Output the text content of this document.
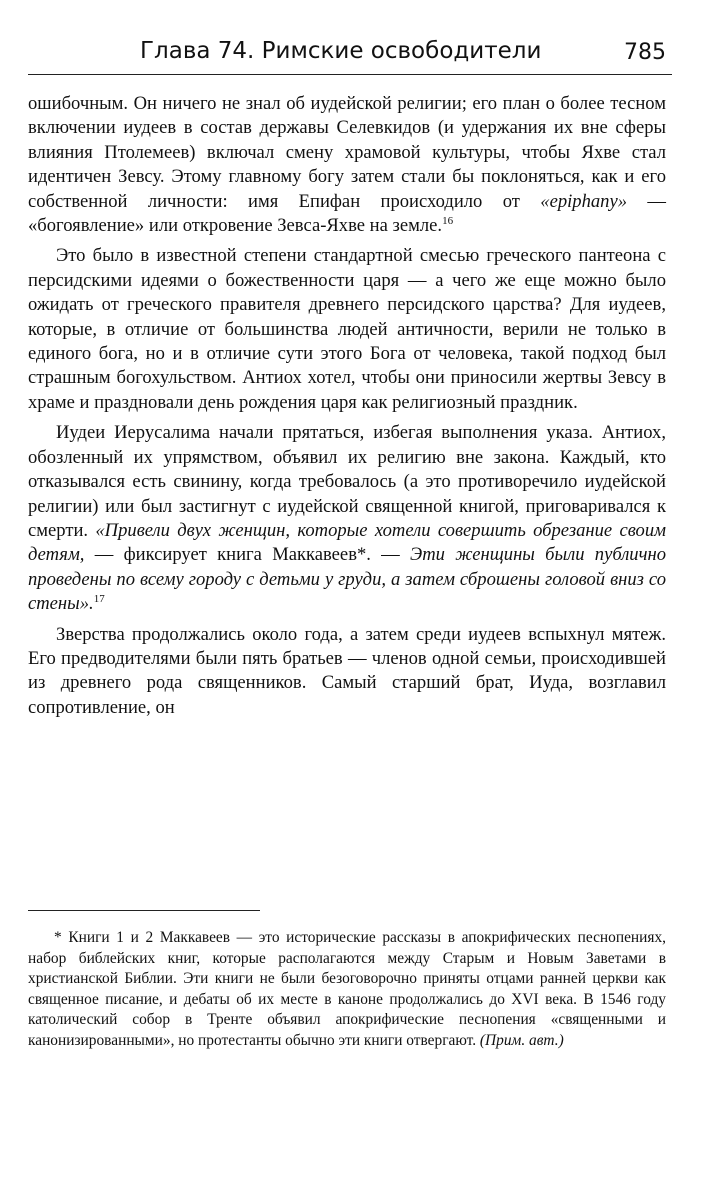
Глава 74. Римские освободители	785

ошибочным. Он ничего не знал об иудейской религии; его план о более тесном включении иудеев в состав державы Селевкидов (и удержания их вне сферы влияния Птолемеев) включал смену храмовой культуры, чтобы Яхве стал идентичен Зевсу. Этому главному богу затем стали бы поклоняться, как и его собственной личности: имя Епифан происходило от «epiphany» — «богоявление» или откровение Зевса-Яхве на земле.$^{16}$

Это было в известной степени стандартной смесью греческого пантеона с персидскими идеями о божественности царя — а чего же еще можно было ожидать от греческого правителя древнего персидского царства? Для иудеев, которые, в отличие от большинства людей античности, верили не только в единого бога, но и в отличие сути этого Бога от человека, такой подход был страшным богохульством. Антиох хотел, чтобы они приносили жертвы Зевсу в храме и праздновали день рождения царя как религиозный праздник.

Иудеи Иерусалима начали прятаться, избегая выполнения указа. Антиох, обозленный их упрямством, объявил их религию вне закона. Каждый, кто отказывался есть свинину, когда требовалось (а это противоречило иудейской религии) или был застигнут с иудейской священной книгой, приговаривался к смерти. «Привели двух женщин, которые хотели совершить обрезание своим детям, — фиксирует книга Маккавеев*. — Эти женщины были публично проведены по всему городу с детьми у груди, а затем сброшены головой вниз со стены».$^{17}$

Зверства продолжались около года, а затем среди иудеев вспыхнул мятеж. Его предводителями были пять братьев — членов одной семьи, происходившей из древнего рода священников. Самый старший брат, Иуда, возглавил сопротивление, он

* Книги 1 и 2 Маккавеев — это исторические рассказы в апокрифических песнопениях, набор библейских книг, которые располагаются между Старым и Новым Заветами в христианской Библии. Эти книги не были безоговорочно приняты отцами ранней церкви как священное писание, и дебаты об их месте в каноне продолжались до XVI века. В 1546 году католический собор в Тренте объявил апокрифические песнопения «священными и канонизированными», но протестанты обычно эти книги отвергают. (Прим. авт.)
